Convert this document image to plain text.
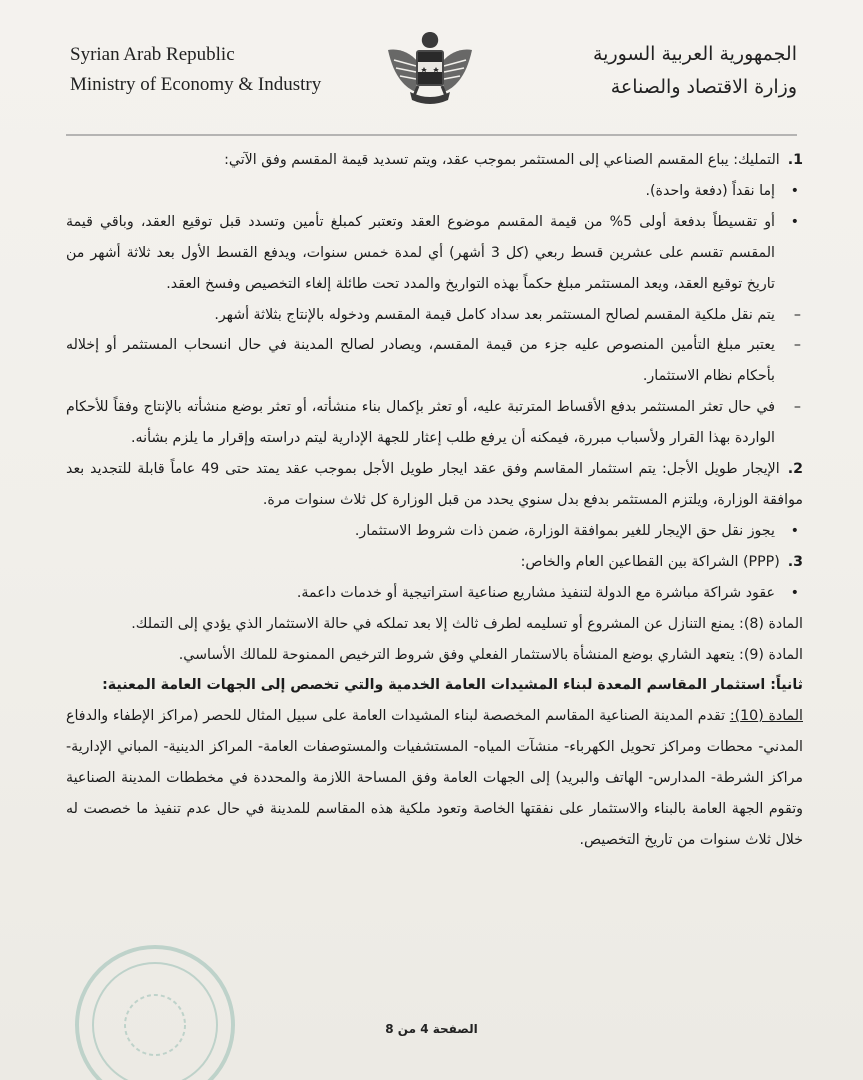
Syrian Arab Republic
Ministry of Economy & Industry
الجمهورية العربية السورية
وزارة الاقتصاد والصناعة

1.التمليك: يباع المقسم الصناعي إلى المستثمر بموجب عقد، ويتم تسديد قيمة المقسم وفق الآتي:

•
إما نقداً (دفعة واحدة).

•
أو تقسيطاً بدفعة أولى 5% من قيمة المقسم موضوع العقد وتعتبر كمبلغ تأمين وتسدد قبل توقيع العقد، وباقي قيمة المقسم تقسم على عشرين قسط ربعي (كل 3 أشهر) أي لمدة خمس سنوات، ويدفع القسط الأول بعد ثلاثة أشهر من تاريخ توقيع العقد، ويعد المستثمر مبلغ حكماً بهذه التواريخ والمدد تحت طائلة إلغاء التخصيص وفسخ العقد.

–
يتم نقل ملكية المقسم لصالح المستثمر بعد سداد كامل قيمة المقسم ودخوله بالإنتاج بثلاثة أشهر.

–
يعتبر مبلغ التأمين المنصوص عليه جزء من قيمة المقسم، ويصادر لصالح المدينة في حال انسحاب المستثمر أو إخلاله بأحكام نظام الاستثمار.

–
في حال تعثر المستثمر بدفع الأقساط المترتبة عليه، أو تعثر بإكمال بناء منشأته، أو تعثر بوضع منشأته بالإنتاج وفقاً للأحكام الواردة بهذا القرار ولأسباب مبررة، فيمكنه أن يرفع طلب إعثار للجهة الإدارية ليتم دراسته وإقرار ما يلزم بشأنه.

2.الإيجار طويل الأجل: يتم استثمار المقاسم وفق عقد ايجار طويل الأجل بموجب عقد يمتد حتى 49 عاماً قابلة للتجديد بعد موافقة الوزارة، ويلتزم المستثمر بدفع بدل سنوي يحدد من قبل الوزارة كل ثلاث سنوات مرة.

•
يجوز نقل حق الإيجار للغير بموافقة الوزارة، ضمن ذات شروط الاستثمار.

3.(PPP) الشراكة بين القطاعين العام والخاص:

•
عقود شراكة مباشرة مع الدولة لتنفيذ مشاريع صناعية استراتيجية أو خدمات داعمة.

المادة (8): يمنع التنازل عن المشروع أو تسليمه لطرف ثالث إلا بعد تملكه في حالة الاستثمار الذي يؤدي إلى التملك.

المادة (9): يتعهد الشاري بوضع المنشأة بالاستثمار الفعلي وفق شروط الترخيص الممنوحة للمالك الأساسي.

ثانياً: استثمار المقاسم المعدة لبناء المشيدات العامة الخدمية والتي تخصص إلى الجهات العامة المعنية:

المادة (10): تقدم المدينة الصناعية المقاسم المخصصة لبناء المشيدات العامة على سبيل المثال للحصر (مراكز الإطفاء والدفاع المدني- محطات ومراكز تحويل الكهرباء- منشآت المياه- المستشفيات والمستوصفات العامة- المراكز الدينية- المباني الإدارية- مراكز الشرطة- المدارس- الهاتف والبريد) إلى الجهات العامة وفق المساحة اللازمة والمحددة في مخططات المدينة الصناعية وتقوم الجهة العامة بالبناء والاستثمار على نفقتها الخاصة وتعود ملكية هذه المقاسم للمدينة في حال عدم تنفيذ ما خصصت له خلال ثلاث سنوات من تاريخ التخصيص.

الصفحة 4 من 8
